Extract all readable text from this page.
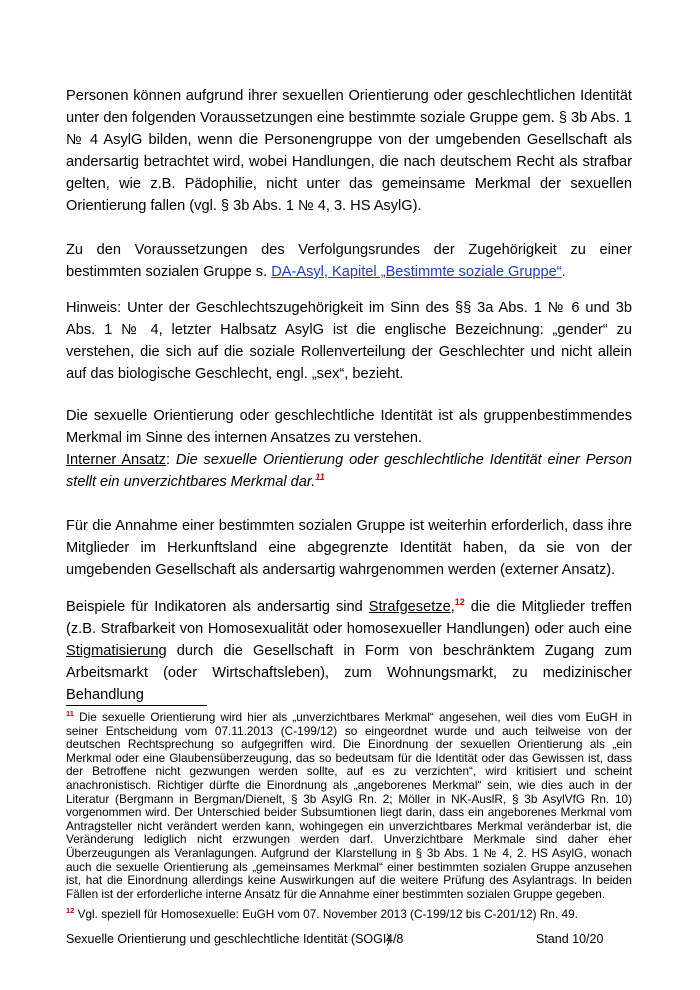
Personen können aufgrund ihrer sexuellen Orientierung oder geschlechtlichen Identität unter den folgenden Voraussetzungen eine bestimmte soziale Gruppe gem. § 3b Abs. 1 № 4 AsylG bilden, wenn die Personengruppe von der umgebenden Gesellschaft als andersartig betrachtet wird, wobei Handlungen, die nach deutschem Recht als strafbar gelten, wie z.B. Pädophilie, nicht unter das gemeinsame Merkmal der sexuellen Orientierung fallen (vgl. § 3b Abs. 1 № 4, 3. HS AsylG).

Zu den Voraussetzungen des Verfolgungsrundes der Zugehörigkeit zu einer bestimmten sozialen Gruppe s. DA-Asyl, Kapitel „Bestimmte soziale Gruppe“.

Hinweis: Unter der Geschlechtszugehörigkeit im Sinn des §§ 3a Abs. 1 № 6 und 3b Abs. 1 № 4, letzter Halbsatz AsylG ist die englische Bezeichnung: „gender“ zu verstehen, die sich auf die soziale Rollenverteilung der Geschlechter und nicht allein auf das biologische Geschlecht, engl. „sex“, bezieht.

Die sexuelle Orientierung oder geschlechtliche Identität ist als gruppenbestimmendes Merkmal im Sinne des internen Ansatzes zu verstehen.
Interner Ansatz: Die sexuelle Orientierung oder geschlechtliche Identität einer Person stellt ein unverzichtbares Merkmal dar.$^{11}$

Für die Annahme einer bestimmten sozialen Gruppe ist weiterhin erforderlich, dass ihre Mitglieder im Herkunftsland eine abgegrenzte Identität haben, da sie von der umgebenden Gesellschaft als andersartig wahrgenommen werden (externer Ansatz).

Beispiele für Indikatoren als andersartig sind Strafgesetze,$^{12}$ die die Mitglieder treffen (z.B. Strafbarkeit von Homosexualität oder homosexueller Handlungen) oder auch eine Stigmatisierung durch die Gesellschaft in Form von beschränktem Zugang zum Arbeitsmarkt (oder Wirtschaftsleben), zum Wohnungsmarkt, zu medizinischer Behandlung

$^{11}$ Die sexuelle Orientierung wird hier als „unverzichtbares Merkmal“ angesehen, weil dies vom EuGH in seiner Entscheidung vom 07.11.2013 (C-199/12) so eingeordnet wurde und auch teilweise von der deutschen Rechtsprechung so aufgegriffen wird. Die Einordnung der sexuellen Orientierung als „ein Merkmal oder eine Glaubensüberzeugung, das so bedeutsam für die Identität oder das Gewissen ist, dass der Betroffene nicht gezwungen werden sollte, auf es zu verzichten“, wird kritisiert und scheint anachronistisch. Richtiger dürfte die Einordnung als „angeborenes Merkmal“ sein, wie dies auch in der Literatur (Bergmann in Bergman/Dienelt, § 3b AsylG Rn. 2; Möller in NK-AuslR, § 3b AsylVfG Rn. 10) vorgenommen wird. Der Unterschied beider Subsumtionen liegt darin, dass ein angeborenes Merkmal vom Antragsteller nicht verändert werden kann, wohingegen ein unverzichtbares Merkmal veränderbar ist, die Veränderung lediglich nicht erzwungen werden darf. Unverzichtbare Merkmale sind daher eher Überzeugungen als Veranlagungen. Aufgrund der Klarstellung in § 3b Abs. 1 № 4, 2. HS AsylG, wonach auch die sexuelle Orientierung als „gemeinsames Merkmal“ einer bestimmten sozialen Gruppe anzusehen ist, hat die Einordnung allerdings keine Auswirkungen auf die weitere Prüfung des Asylantrags. In beiden Fällen ist der erforderliche interne Ansatz für die Annahme einer bestimmten sozialen Gruppe gegeben.

$^{12}$ Vgl. speziell für Homosexuelle: EuGH vom 07. November 2013 (C-199/12 bis C-201/12) Rn. 49.

Sexuelle Orientierung und geschlechtliche Identität (SOGI)
4/8	Stand 10/20
